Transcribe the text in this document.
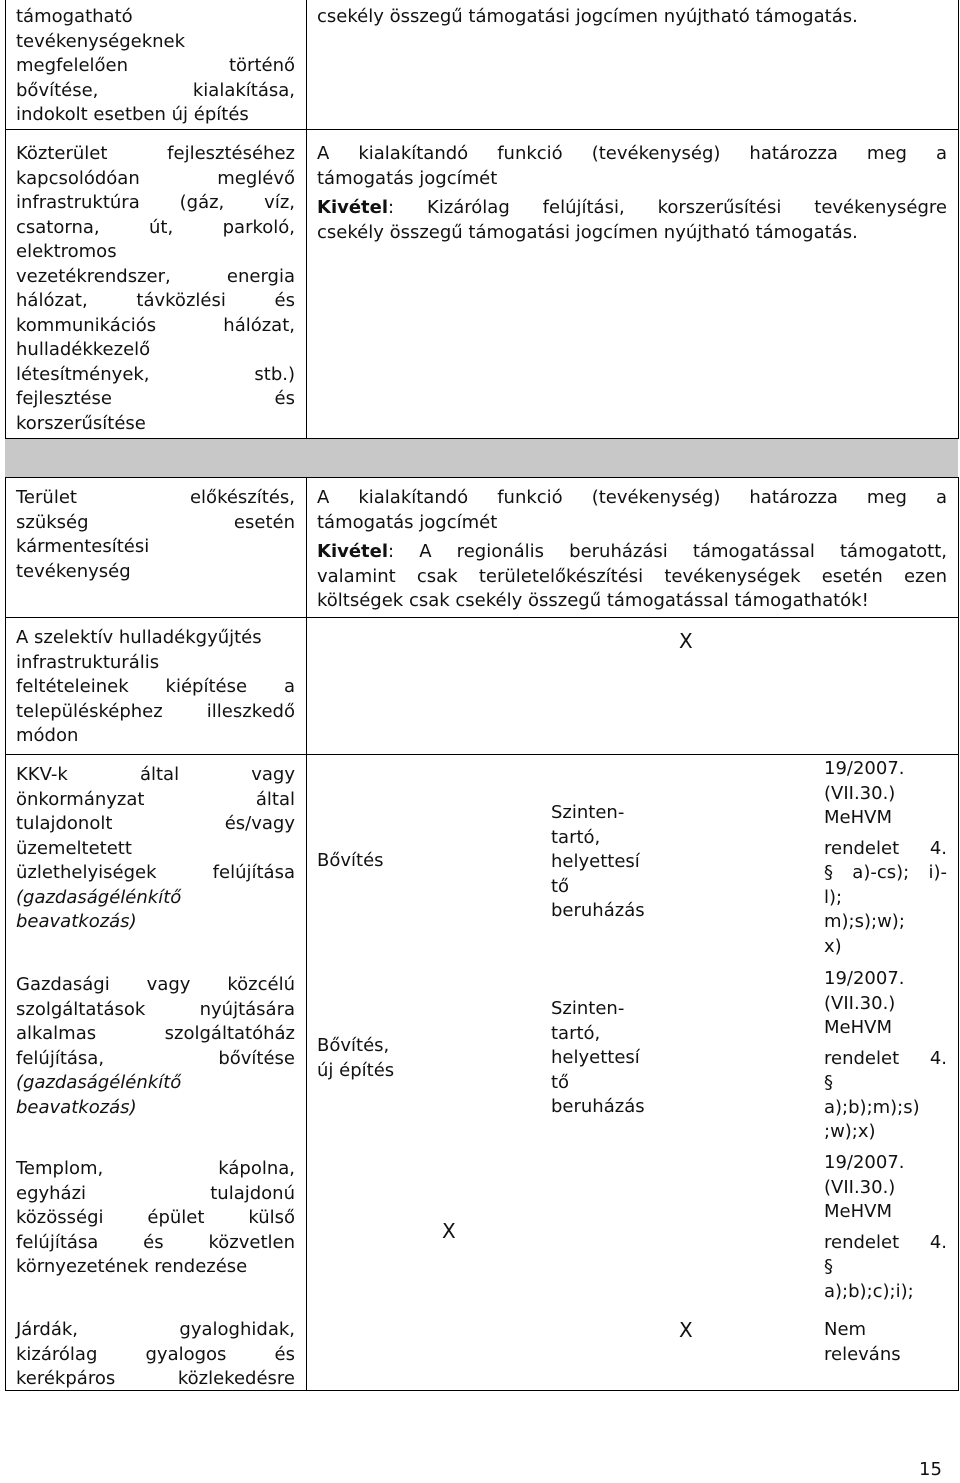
támogatható
tevékenységeknek
megfelelően történő
bővítése, kialakítása,
indokolt esetben új építés
csekély összegű támogatási jogcímen nyújtható támogatás.
Közterület fejlesztéséhez
kapcsolódóan meglévő
infrastruktúra (gáz, víz,
csatorna, út, parkoló,
elektromos
vezetékrendszer, energia
hálózat, távközlési és
kommunikációs hálózat,
hulladékkezelő
létesítmények, stb.)
fejlesztése és
korszerűsítése
A kialakítandó funkció (tevékenység) határozza meg a
támogatás jogcímét
Kivétel: Kizárólag felújítási, korszerűsítési tevékenységre
csekély összegű támogatási jogcímen nyújtható támogatás.
Terület előkészítés,
szükség esetén
kármentesítési
tevékenység
A kialakítandó funkció (tevékenység) határozza meg a
támogatás jogcímét
Kivétel: A regionális beruházási támogatással támogatott,
valamint csak területelőkészítési tevékenységek esetén ezen
költségek csak csekély összegű támogatással támogathatók!
A szelektív hulladékgyűjtés
infrastrukturális
feltételeinek kiépítése a
településképhez illeszkedő
módon
X
KKV-k által vagy
önkormányzat által
tulajdonolt és/vagy
üzemeltetett
üzlethelyiségek felújítása
(gazdaságélénkítő
beavatkozás)
Bővítés
Szinten-
tartó,
helyettesí
tő
beruházás
19/2007.
(VII.30.)
MeHVM
rendelet 4.
§ a)-cs); i)-
l);
m);s);w);
x)
Gazdasági vagy közcélú
szolgáltatások nyújtására
alkalmas szolgáltatóház
felújítása, bővítése
(gazdaságélénkítő
beavatkozás)
Bővítés,
új építés
Szinten-
tartó,
helyettesí
tő
beruházás
19/2007.
(VII.30.)
MeHVM
rendelet 4.
§
a);b);m);s)
;w);x)
Templom, kápolna,
egyházi tulajdonú
közösségi épület külső
felújítása és közvetlen
környezetének rendezése
X
19/2007.
(VII.30.)
MeHVM
rendelet 4.
§
a);b);c);i);
Járdák, gyaloghidak,
kizárólag gyalogos és
kerékpáros közlekedésre
X	Nem
releváns
15
